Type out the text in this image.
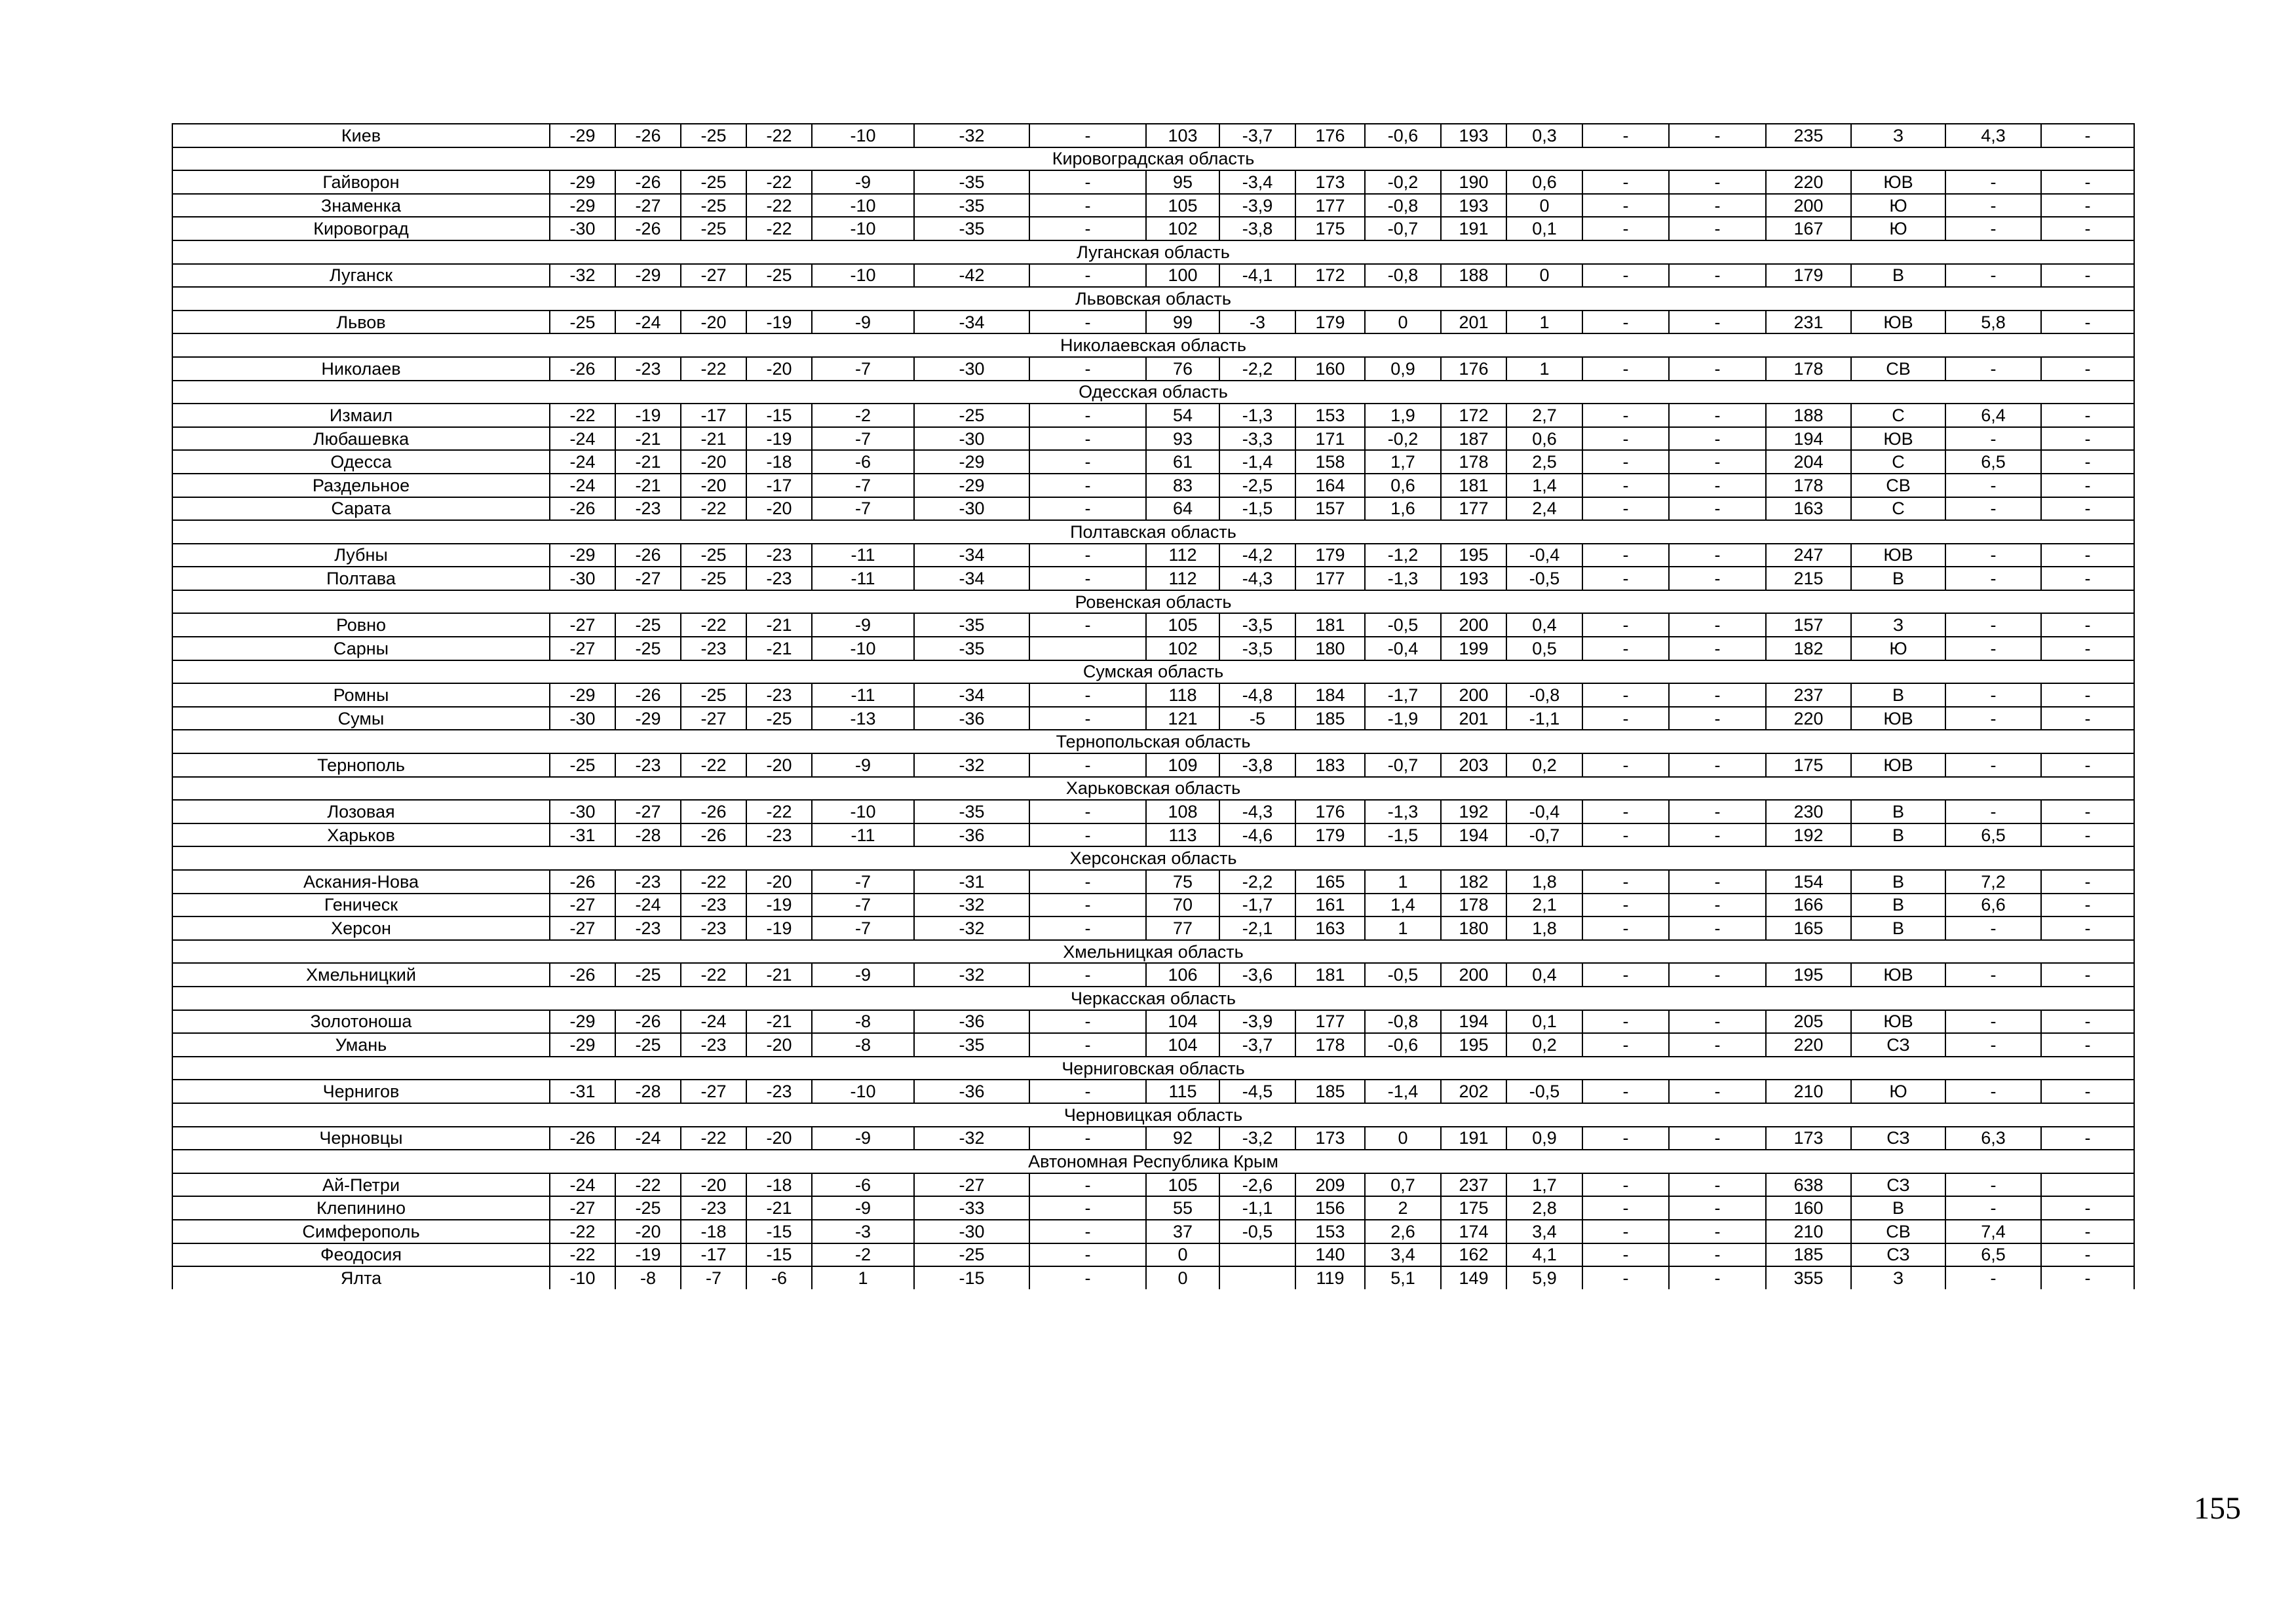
Киев	-29	-26	-25	-22	-10	-32	-	103	-3,7	176	-0,6	193	0,3	-	-	235	З	4,3	-
Кировоградская область																			
Гайворон	-29	-26	-25	-22	-9	-35	-	95	-3,4	173	-0,2	190	0,6	-	-	220	ЮВ	-	-
Знаменка	-29	-27	-25	-22	-10	-35	-	105	-3,9	177	-0,8	193	0	-	-	200	Ю	-	-
Кировоград	-30	-26	-25	-22	-10	-35	-	102	-3,8	175	-0,7	191	0,1	-	-	167	Ю	-	-
Луганская область																			
Луганск	-32	-29	-27	-25	-10	-42	-	100	-4,1	172	-0,8	188	0	-	-	179	В	-	-
Львовская область																			
Львов	-25	-24	-20	-19	-9	-34	-	99	-3	179	0	201	1	-	-	231	ЮВ	5,8	-
Николаевская область																			
Николаев	-26	-23	-22	-20	-7	-30	-	76	-2,2	160	0,9	176	1	-	-	178	СВ	-	-
Одесская область																			
Измаил	-22	-19	-17	-15	-2	-25	-	54	-1,3	153	1,9	172	2,7	-	-	188	С	6,4	-
Любашевка	-24	-21	-21	-19	-7	-30	-	93	-3,3	171	-0,2	187	0,6	-	-	194	ЮВ	-	-
Одесса	-24	-21	-20	-18	-6	-29	-	61	-1,4	158	1,7	178	2,5	-	-	204	С	6,5	-
Раздельное	-24	-21	-20	-17	-7	-29	-	83	-2,5	164	0,6	181	1,4	-	-	178	СВ	-	-
Сарата	-26	-23	-22	-20	-7	-30	-	64	-1,5	157	1,6	177	2,4	-	-	163	С	-	-
Полтавская область																			
Лубны	-29	-26	-25	-23	-11	-34	-	112	-4,2	179	-1,2	195	-0,4	-	-	247	ЮВ	-	-
Полтава	-30	-27	-25	-23	-11	-34	-	112	-4,3	177	-1,3	193	-0,5	-	-	215	В	-	-
Ровенская область																			
Ровно	-27	-25	-22	-21	-9	-35	-	105	-3,5	181	-0,5	200	0,4	-	-	157	З	-	-
Сарны	-27	-25	-23	-21	-10	-35		102	-3,5	180	-0,4	199	0,5	-	-	182	Ю	-	-
Сумская область																			
Ромны	-29	-26	-25	-23	-11	-34	-	118	-4,8	184	-1,7	200	-0,8	-	-	237	В	-	-
Сумы	-30	-29	-27	-25	-13	-36	-	121	-5	185	-1,9	201	-1,1	-	-	220	ЮВ	-	-
Тернопольская область																			
Тернополь	-25	-23	-22	-20	-9	-32	-	109	-3,8	183	-0,7	203	0,2	-	-	175	ЮВ	-	-
Харьковская область																			
Лозовая	-30	-27	-26	-22	-10	-35	-	108	-4,3	176	-1,3	192	-0,4	-	-	230	В	-	-
Харьков	-31	-28	-26	-23	-11	-36	-	113	-4,6	179	-1,5	194	-0,7	-	-	192	В	6,5	-
Херсонская область																			
Аскания-Нова	-26	-23	-22	-20	-7	-31	-	75	-2,2	165	1	182	1,8	-	-	154	В	7,2	-
Геническ	-27	-24	-23	-19	-7	-32	-	70	-1,7	161	1,4	178	2,1	-	-	166	В	6,6	-
Херсон	-27	-23	-23	-19	-7	-32	-	77	-2,1	163	1	180	1,8	-	-	165	В	-	-
Хмельницкая область																			
Хмельницкий	-26	-25	-22	-21	-9	-32	-	106	-3,6	181	-0,5	200	0,4	-	-	195	ЮВ	-	-
Черкасская область																			
Золотоноша	-29	-26	-24	-21	-8	-36	-	104	-3,9	177	-0,8	194	0,1	-	-	205	ЮВ	-	-
Умань	-29	-25	-23	-20	-8	-35	-	104	-3,7	178	-0,6	195	0,2	-	-	220	СЗ	-	-
Черниговская область																			
Чернигов	-31	-28	-27	-23	-10	-36	-	115	-4,5	185	-1,4	202	-0,5	-	-	210	Ю	-	-
Черновицкая область																			
Черновцы	-26	-24	-22	-20	-9	-32	-	92	-3,2	173	0	191	0,9	-	-	173	СЗ	6,3	-
Автономная Республика Крым																			
Ай-Петри	-24	-22	-20	-18	-6	-27	-	105	-2,6	209	0,7	237	1,7	-	-	638	СЗ	-	
Клепинино	-27	-25	-23	-21	-9	-33	-	55	-1,1	156	2	175	2,8	-	-	160	В	-	-
Симферополь	-22	-20	-18	-15	-3	-30	-	37	-0,5	153	2,6	174	3,4	-	-	210	СВ	7,4	-
Феодосия	-22	-19	-17	-15	-2	-25	-	0		140	3,4	162	4,1	-	-	185	СЗ	6,5	-
Ялта	-10	-8	-7	-6	1	-15	-	0		119	5,1	149	5,9	-	-	355	З	-	-
155
